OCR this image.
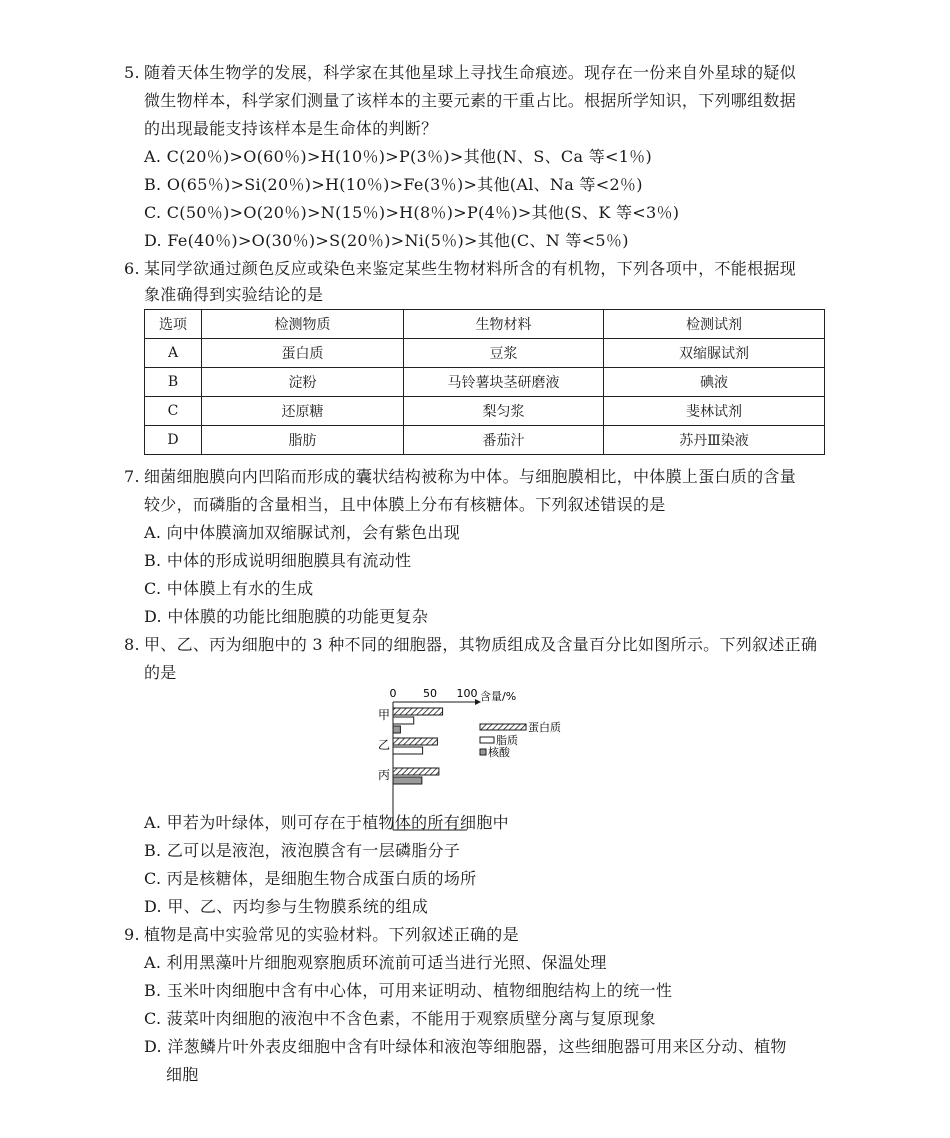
5. 随着天体生物学的发展，科学家在其他星球上寻找生命痕迹。现存在一份来自外星球的疑似
微生物样本，科学家们测量了该样本的主要元素的干重占比。根据所学知识，下列哪组数据
的出现最能支持该样本是生命体的判断？
A. C(20％)>O(60％)>H(10％)>P(3％)>其他(N、S、Ca 等<1％)
B. O(65％)>Si(20％)>H(10％)>Fe(3％)>其他(Al、Na 等<2％)
C. C(50％)>O(20％)>N(15％)>H(8％)>P(4％)>其他(S、K 等<3％)
D. Fe(40％)>O(30％)>S(20％)>Ni(5％)>其他(C、N 等<5％)
6. 某同学欲通过颜色反应或染色来鉴定某些生物材料所含的有机物，下列各项中，不能根据现
象准确得到实验结论的是
选项	检测物质	生物材料	检测试剂
A	蛋白质	豆浆	双缩脲试剂
B	淀粉	马铃薯块茎研磨液	碘液
C	还原糖	梨匀浆	斐林试剂
D	脂肪	番茄汁	苏丹Ⅲ染液
7. 细菌细胞膜向内凹陷而形成的囊状结构被称为中体。与细胞膜相比，中体膜上蛋白质的含量
较少，而磷脂的含量相当，且中体膜上分布有核糖体。下列叙述错误的是
A. 向中体膜滴加双缩脲试剂，会有紫色出现
B. 中体的形成说明细胞膜具有流动性
C. 中体膜上有水的生成
D. 中体膜的功能比细胞膜的功能更复杂
8. 甲、乙、丙为细胞中的 3 种不同的细胞器，其物质组成及含量百分比如图所示。下列叙述正确
的是
含量/%
0 50 100
甲
乙
丙
蛋白质
脂质
核酸
A. 甲若为叶绿体，则可存在于植物体的所有细胞中
B. 乙可以是液泡，液泡膜含有一层磷脂分子
C. 丙是核糖体，是细胞生物合成蛋白质的场所
D. 甲、乙、丙均参与生物膜系统的组成
9. 植物是高中实验常见的实验材料。下列叙述正确的是
A. 利用黑藻叶片细胞观察胞质环流前可适当进行光照、保温处理
B. 玉米叶肉细胞中含有中心体，可用来证明动、植物细胞结构上的统一性
C. 菠菜叶肉细胞的液泡中不含色素，不能用于观察质壁分离与复原现象
D. 洋葱鳞片叶外表皮细胞中含有叶绿体和液泡等细胞器，这些细胞器可用来区分动、植物
细胞
